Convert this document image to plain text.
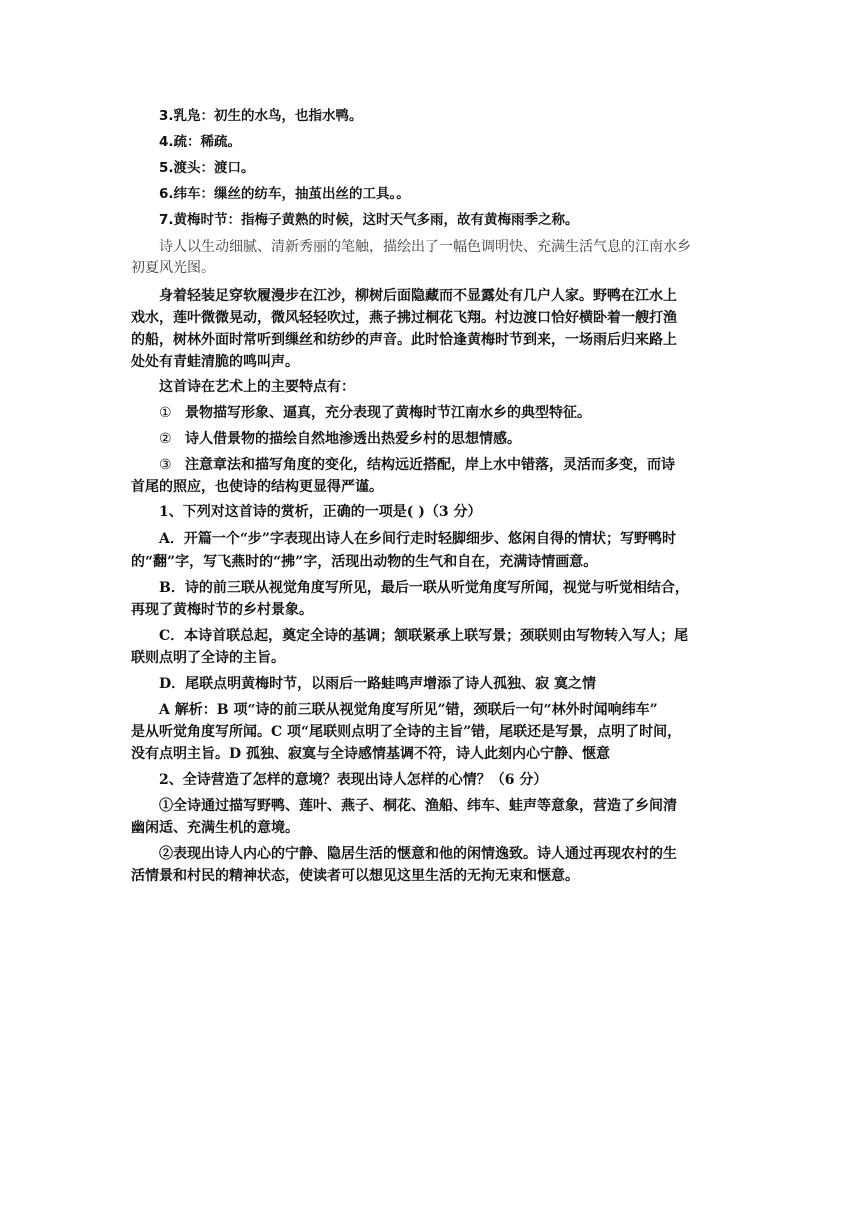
3.乳凫：初生的水鸟，也指水鸭。
4.疏：稀疏。
5.渡头：渡口。
6.纬车：缫丝的纺车，抽茧出丝的工具。。
7.黄梅时节：指梅子黄熟的时候，这时天气多雨，故有黄梅雨季之称。
诗人以生动细腻、清新秀丽的笔触，描绘出了一幅色调明快、充满生活气息的江南水乡
初夏风光图。
身着轻装足穿软履漫步在江沙，柳树后面隐藏而不显露处有几户人家。野鸭在江水上
戏水，莲叶微微晃动，微风轻轻吹过，燕子拂过桐花飞翔。村边渡口恰好横卧着一艘打渔
的船，树林外面时常听到缫丝和纺纱的声音。此时恰逢黄梅时节到来，一场雨后归来路上
处处有青蛙清脆的鸣叫声。
这首诗在艺术上的主要特点有：
① 景物描写形象、逼真，充分表现了黄梅时节江南水乡的典型特征。
② 诗人借景物的描绘自然地渗透出热爱乡村的思想情感。
③ 注意章法和描写角度的变化，结构远近搭配，岸上水中错落，灵活而多变，而诗
首尾的照应，也使诗的结构更显得严谨。
1、下列对这首诗的赏析，正确的一项是( )（3 分）
A．开篇一个“步”字表现出诗人在乡间行走时轻脚细步、悠闲自得的情状；写野鸭时
的“翻”字，写飞燕时的“拂”字，活现出动物的生气和自在，充满诗情画意。
B．诗的前三联从视觉角度写所见，最后一联从听觉角度写所闻，视觉与听觉相结合，
再现了黄梅时节的乡村景象。
C．本诗首联总起，奠定全诗的基调；颔联紧承上联写景；颈联则由写物转入写人；尾
联则点明了全诗的主旨。
D．尾联点明黄梅时节，以雨后一路蛙鸣声增添了诗人孤独、寂 寞之情
A 解析：B 项“诗的前三联从视觉角度写所见”错，颈联后一句“林外时闻响纬车”
是从听觉角度写所闻。C 项“尾联则点明了全诗的主旨”错，尾联还是写景，点明了时间，
没有点明主旨。D 孤独、寂寞与全诗感情基调不符，诗人此刻内心宁静、惬意
2、全诗营造了怎样的意境？表现出诗人怎样的心情？（6 分）
①全诗通过描写野鸭、莲叶、燕子、桐花、渔船、纬车、蛙声等意象，营造了乡间清
幽闲适、充满生机的意境。
②表现出诗人内心的宁静、隐居生活的惬意和他的闲情逸致。诗人通过再现农村的生
活情景和村民的精神状态，使读者可以想见这里生活的无拘无束和惬意。
